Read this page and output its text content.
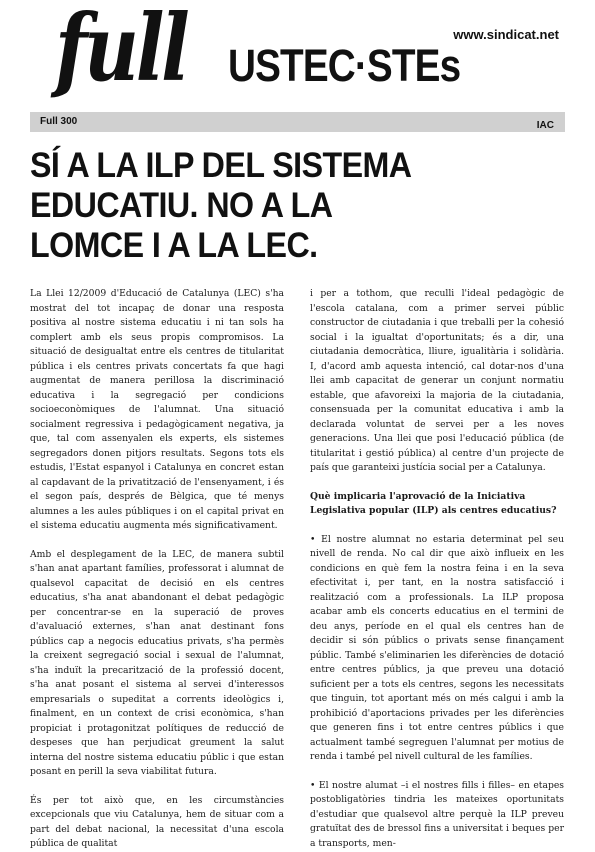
full USTEC·STEs
www.sindicat.net
Full 300	IAC
SÍ A LA ILP DEL SISTEMA
EDUCATIU. NO A LA
LOMCE I A LA LEC.

La Llei 12/2009 d'Educació de Catalunya (LEC) s'ha mostrat del tot incapaç de donar una resposta positiva al nostre sistema educatiu i ni tan sols ha complert amb els seus propis compromisos. La situació de desigualtat entre els centres de titularitat pública i els centres privats concertats fa que hagi augmentat de manera perillosa la discriminació educativa i la segregació per condicions socioeconòmiques de l'alumnat. Una situació socialment regressiva i pedagògicament negativa, ja que, tal com assenyalen els experts, els sistemes segregadors donen pitjors resultats. Segons tots els estudis, l'Estat espanyol i Catalunya en concret estan al capdavant de la privatització de l'ensenyament, i és el segon país, després de Bèlgica, que té menys alumnes a les aules públiques i on el capital privat en el sistema educatiu augmenta més significativament.

Amb el desplegament de la LEC, de manera subtil s'han anat apartant famílies, professorat i alumnat de qualsevol capacitat de decisió en els centres educatius, s'ha anat abandonant el debat pedagògic per concentrar-se en la superació de proves d'avaluació externes, s'han anat destinant fons públics cap a negocis educatius privats, s'ha permès la creixent segregació social i sexual de l'alumnat, s'ha induït la precarització de la professió docent, s'ha anat posant el sistema al servei d'interessos empresarials o supeditat a corrents ideològics i, finalment, en un context de crisi econòmica, s'han propiciat i protagonitzat polítiques de reducció de despeses que han perjudicat greument la salut interna del nostre sistema educatiu públic i que estan posant en perill la seva viabilitat futura.

És per tot això que, en les circumstàncies excepcionals que viu Catalunya, hem de situar com a part del debat nacional, la necessitat d'una escola pública de qualitat

i per a tothom, que reculli l'ideal pedagògic de l'escola catalana, com a primer servei públic constructor de ciutadania i que treballi per la cohesió social i la igualtat d'oportunitats; és a dir, una ciutadania democràtica, lliure, igualitària i solidària. I, d'acord amb aquesta intenció, cal dotar-nos d'una llei amb capacitat de generar un conjunt normatiu estable, que afavoreixi la majoria de la ciutadania, consensuada per la comunitat educativa i amb la declarada voluntat de servei per a les noves generacions. Una llei que posi l'educació pública (de titularitat i gestió pública) al centre d'un projecte de país que garanteixi justícia social per a Catalunya.

Què implicaria l'aprovació de la Iniciativa Legislativa popular (ILP) als centres educatius?

• El nostre alumnat no estaria determinat pel seu nivell de renda. No cal dir que això influeix en les condicions en què fem la nostra feina i en la seva efectivitat i, per tant, en la nostra satisfacció i realització com a professionals. La ILP proposa acabar amb els concerts educatius en el termini de deu anys, període en el qual els centres han de decidir si són públics o privats sense finançament públic. També s'eliminarien les diferències de dotació entre centres públics, ja que preveu una dotació suficient per a tots els centres, segons les necessitats que tinguin, tot aportant més on més calgui i amb la prohibició d'aportacions privades per les diferències que generen fins i tot entre centres públics i que actualment també segreguen l'alumnat per motius de renda i també pel nivell cultural de les famílies.

• El nostre alumat –i el nostres fills i filles– en etapes postobligatòries tindria les mateixes oportunitats d'estudiar que qualsevol altre perquè la ILP preveu gratuïtat des de bressol fins a universitat i beques per a transports, men-
